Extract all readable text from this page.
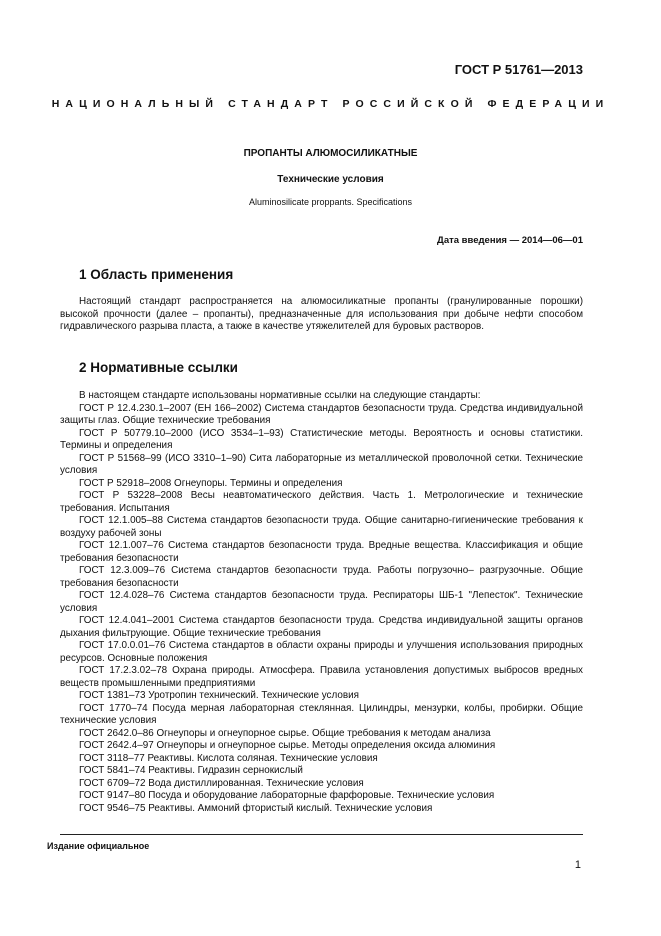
ГОСТ Р 51761—2013
НАЦИОНАЛЬНЫЙ СТАНДАРТ РОССИЙСКОЙ ФЕДЕРАЦИИ
ПРОПАНТЫ АЛЮМОСИЛИКАТНЫЕ
Технические условия
Aluminosilicate proppants. Specifications
Дата введения — 2014—06—01
1 Область применения

Настоящий стандарт распространяется на алюмосиликатные пропанты (гранулированные порошки) высокой прочности (далее – пропанты), предназначенные для использования при добыче нефти способом гидравлического разрыва пласта, а также в качестве утяжелителей для буровых растворов.

2 Нормативные ссылки

В настоящем стандарте использованы нормативные ссылки на следующие стандарты:

ГОСТ Р 12.4.230.1–2007 (ЕН 166–2002) Система стандартов безопасности труда. Средства индивидуальной защиты глаз. Общие технические требования

ГОСТ Р 50779.10–2000 (ИСО 3534–1–93) Статистические методы. Вероятность и основы статистики. Термины и определения

ГОСТ Р 51568–99 (ИСО 3310–1–90) Сита лабораторные из металлической проволочной сетки. Технические условия

ГОСТ Р 52918–2008 Огнеупоры. Термины и определения

ГОСТ Р 53228–2008 Весы неавтоматического действия. Часть 1. Метрологические и технические требования. Испытания

ГОСТ 12.1.005–88 Система стандартов безопасности труда. Общие санитарно-гигиенические требования к воздуху рабочей зоны

ГОСТ 12.1.007–76 Система стандартов безопасности труда. Вредные вещества. Классификация и общие требования безопасности

ГОСТ 12.3.009–76 Система стандартов безопасности труда. Работы погрузочно– разгрузочные. Общие требования безопасности

ГОСТ 12.4.028–76 Система стандартов безопасности труда. Респираторы ШБ-1 "Лепесток". Технические условия

ГОСТ 12.4.041–2001 Система стандартов безопасности труда. Средства индивидуальной защиты органов дыхания фильтрующие. Общие технические требования

ГОСТ 17.0.0.01–76 Система стандартов в области охраны природы и улучшения использования природных ресурсов. Основные положения

ГОСТ 17.2.3.02–78 Охрана природы. Атмосфера. Правила установления допустимых выбросов вредных веществ промышленными предприятиями

ГОСТ 1381–73 Уротропин технический. Технические условия

ГОСТ 1770–74 Посуда мерная лабораторная стеклянная. Цилиндры, мензурки, колбы, пробирки. Общие технические условия

ГОСТ 2642.0–86 Огнеупоры и огнеупорное сырье. Общие требования к методам анализа

ГОСТ 2642.4–97 Огнеупоры и огнеупорное сырье. Методы определения оксида алюминия

ГОСТ 3118–77 Реактивы. Кислота соляная. Технические условия

ГОСТ 5841–74 Реактивы. Гидразин сернокислый

ГОСТ 6709–72 Вода дистиллированная. Технические условия

ГОСТ 9147–80 Посуда и оборудование лабораторные фарфоровые. Технические условия

ГОСТ 9546–75 Реактивы. Аммоний фтористый кислый. Технические условия

Издание официальное
1
